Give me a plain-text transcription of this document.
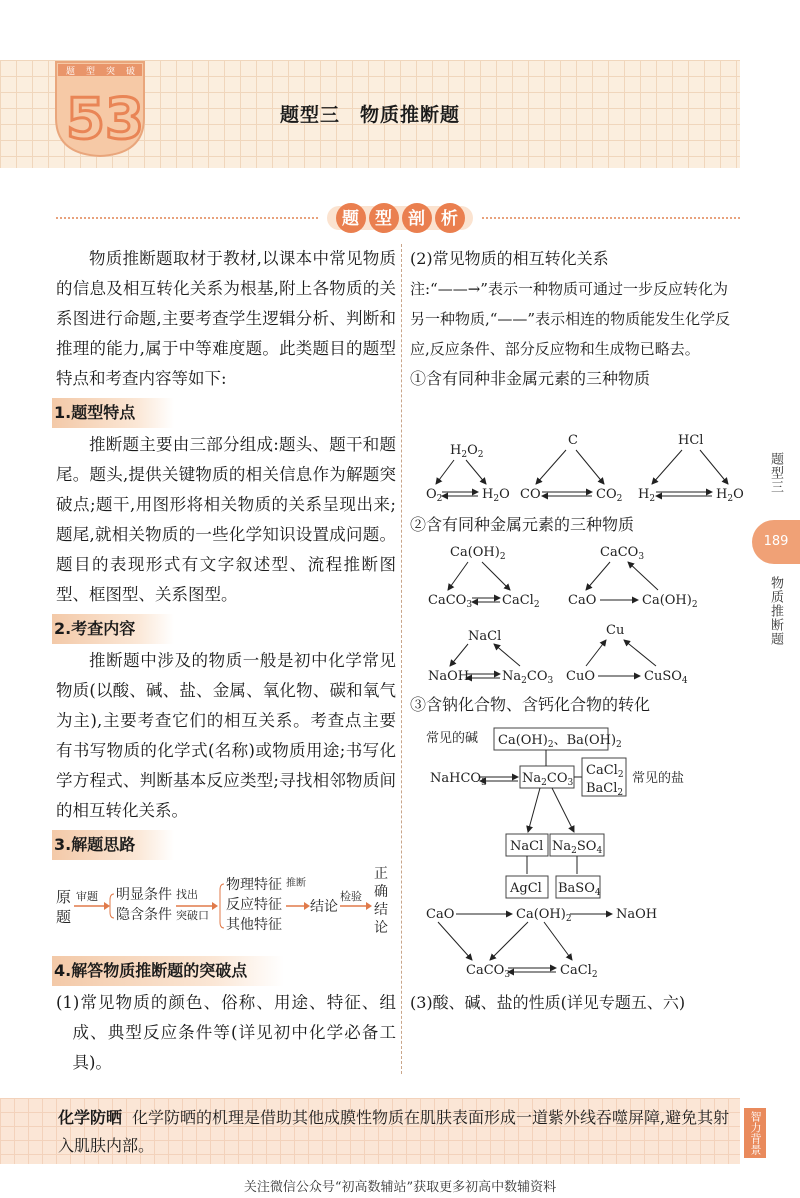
题 型 突 破
53	题型三　物质推断题
题 型 剖 析

物质推断题取材于教材,以课本中常见物质的信息及相互转化关系为根基,附上各物质的关系图进行命题,主要考查学生逻辑分析、判断和推理的能力,属于中等难度题。此类题目的题型特点和考查内容等如下:

1.题型特点

推断题主要由三部分组成:题头、题干和题尾。题头,提供关键物质的相关信息作为解题突破点;题干,用图形将相关物质的关系呈现出来;题尾,就相关物质的一些化学知识设置成问题。题目的表现形式有文字叙述型、流程推断图型、框图型、关系图型。

2.考查内容

推断题中涉及的物质一般是初中化学常见物质(以酸、碱、盐、金属、氧化物、碳和氧气为主),主要考查它们的相互关系。考查点主要有书写物质的化学式(名称)或物质用途;书写化学方程式、判断基本反应类型;寻找相邻物质间的相互转化关系。

3.解题思路
原
题
审题 明显条件
隐含条件
找出
突破口
物理特征
反应特征
其他特征
推断
结论
检验
正
确
结
论
4.解答物质推断题的突破点

(1)常见物质的颜色、俗称、用途、特征、组成、典型反应条件等(详见初中化学必备工具)。

(2)常见物质的相互转化关系

注:“——→”表示一种物质可通过一步反应转化为另一种物质,“——”表示相连的物质能发生化学反应,反应条件、部分反应物和生成物已略去。

①含有同种非金属元素的三种物质

$H_2O_2$
$O_2$	$H_2O$
C
CO	$CO_2$
HCl
$H_2$	$H_2O$

②含有同种金属元素的三种物质

$Ca(OH)_2$
CaCO$_3$ CaCl$_2$
CaCO$_3$
CaO	$Ca(OH)_2$
NaCl
NaOH	$Na_2CO_3$
Cu
CuO	CuSO$_4$

③含钠化合物、含钙化合物的转化

常见的碱 $Ca(OH)_2$、$Ba(OH)_2$
NaHCO$_3$	$Na_2CO_3$
CaCl$_2$
BaCl$_2$
常见的盐
NaCl $Na_2SO_4$
AgCl BaSO$_4$
CaO	$Ca(OH)_2$	NaOH
CaCO$_3$	CaCl$_2$

(3)酸、碱、盐的性质(详见专题五、六)

题型三
189
物质推断题
化学防晒 化学防晒的机理是借助其他成膜性物质在肌肤表面形成一道紫外线吞噬屏障,避免其射入肌肤内部。	智力背景
关注微信公众号“初高数辅站”获取更多初高中数辅资料
